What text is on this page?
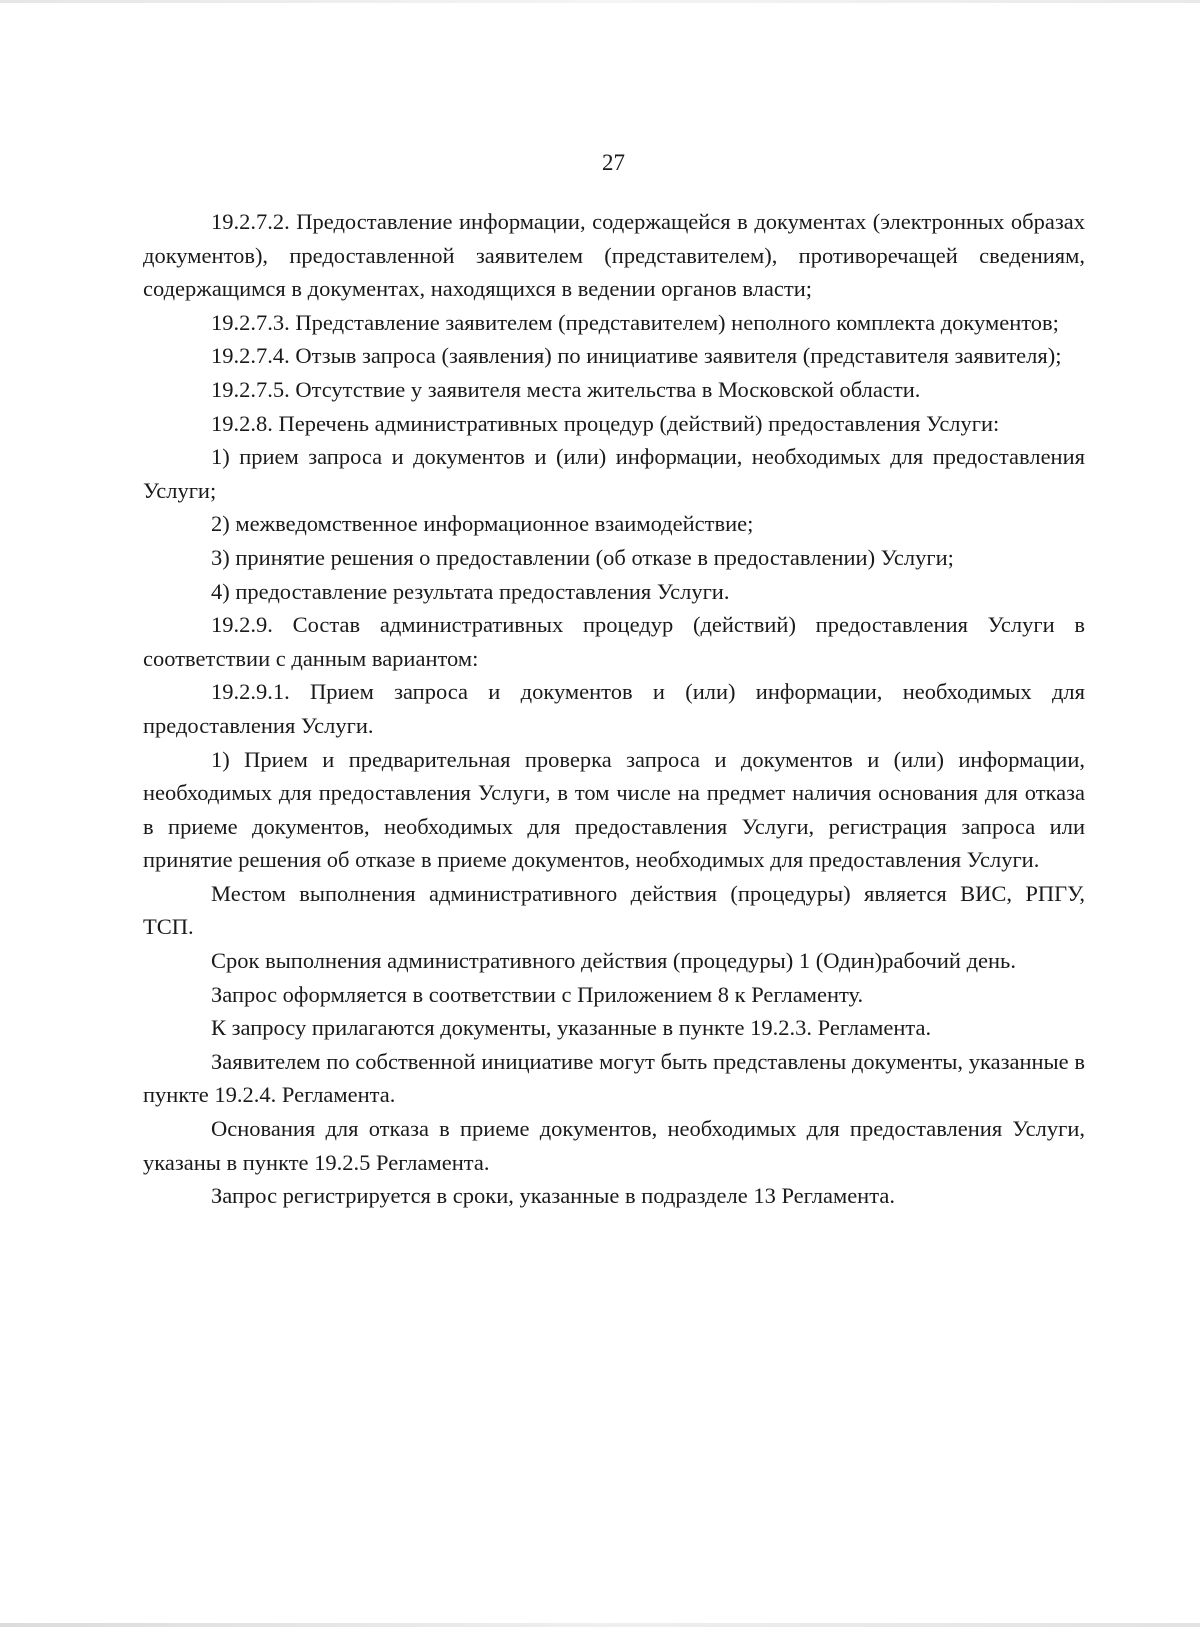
27

19.2.7.2. Предоставление информации, содержащейся в документах (электронных образах документов), предоставленной заявителем (представителем), противоречащей сведениям, содержащимся в документах, находящихся в ведении органов власти;

19.2.7.3. Представление заявителем (представителем) неполного комплекта документов;

19.2.7.4. Отзыв запроса (заявления) по инициативе заявителя (представителя заявителя);

19.2.7.5. Отсутствие у заявителя места жительства в Московской области.

19.2.8. Перечень административных процедур (действий) предоставления Услуги:

1) прием запроса и документов и (или) информации, необходимых для предоставления Услуги;

2) межведомственное информационное взаимодействие;

3) принятие решения о предоставлении (об отказе в предоставлении) Услуги;

4) предоставление результата предоставления Услуги.

19.2.9. Состав административных процедур (действий) предоставления Услуги в соответствии с данным вариантом:

19.2.9.1. Прием запроса и документов и (или) информации, необходимых для предоставления Услуги.

1) Прием и предварительная проверка запроса и документов и (или) информации, необходимых для предоставления Услуги, в том числе на предмет наличия основания для отказа в приеме документов, необходимых для предоставления Услуги, регистрация запроса или принятие решения об отказе в приеме документов, необходимых для предоставления Услуги.

Местом выполнения административного действия (процедуры) является ВИС, РПГУ, ТСП.

Срок выполнения административного действия (процедуры) 1 (Один)рабочий день.

Запрос оформляется в соответствии с Приложением 8 к Регламенту.

К запросу прилагаются документы, указанные в пункте 19.2.3. Регламента.

Заявителем по собственной инициативе могут быть представлены документы, указанные в пункте 19.2.4. Регламента.

Основания для отказа в приеме документов, необходимых для предоставления Услуги, указаны в пункте 19.2.5 Регламента.

Запрос регистрируется в сроки, указанные в подразделе 13 Регламента.
